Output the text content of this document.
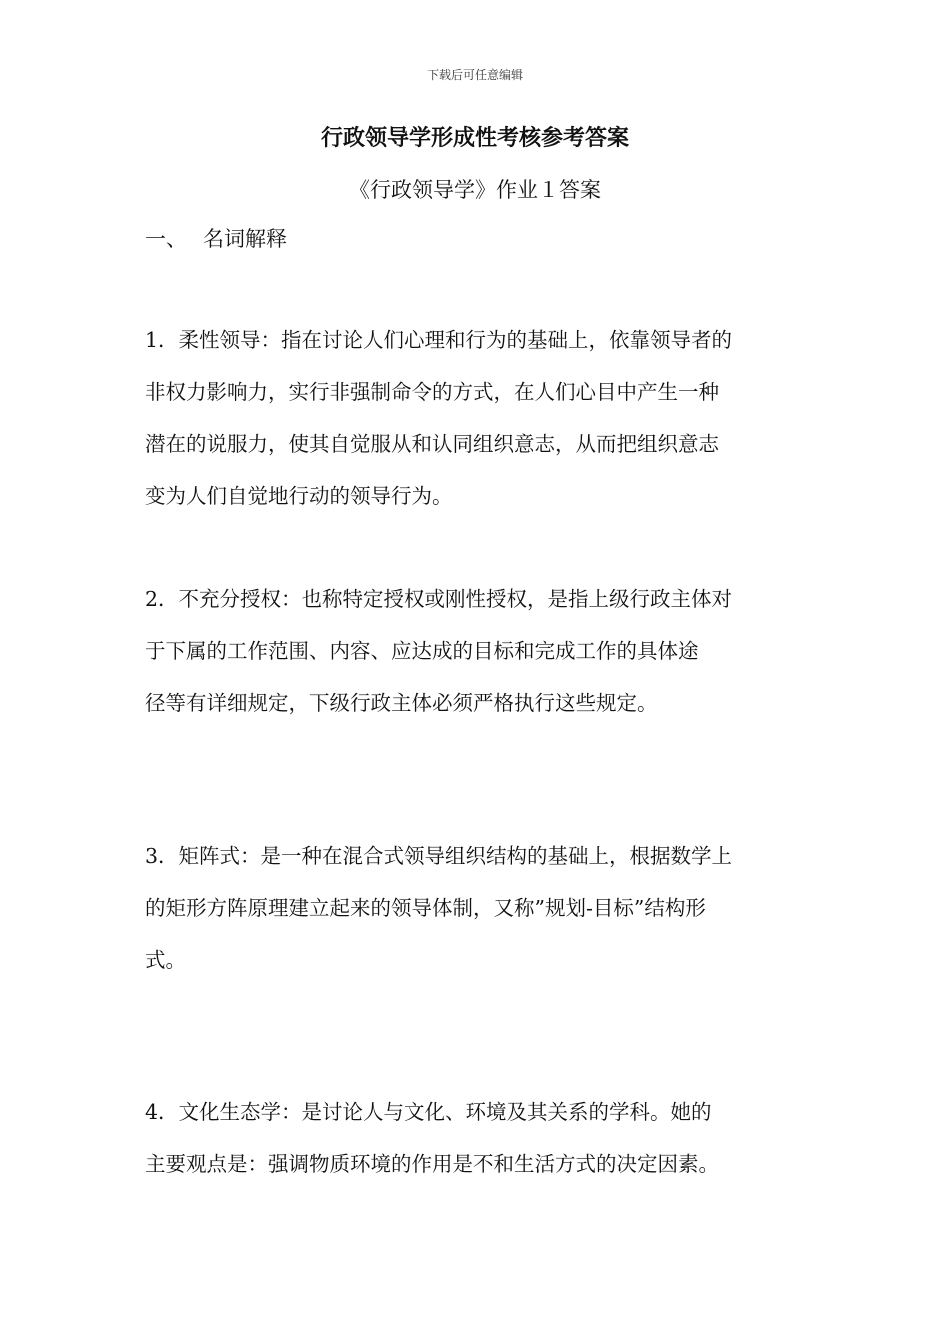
下载后可任意编辑
行政领导学形成性考核参考答案
《行政领导学》作业１答案
一、 名词解释
1．柔性领导：指在讨论人们心理和行为的基础上，依靠领导者的
非权力影响力，实行非强制命令的方式，在人们心目中产生一种
潜在的说服力，使其自觉服从和认同组织意志，从而把组织意志
变为人们自觉地行动的领导行为。
2．不充分授权：也称特定授权或刚性授权，是指上级行政主体对
于下属的工作范围、内容、应达成的目标和完成工作的具体途
径等有详细规定，下级行政主体必须严格执行这些规定。
3．矩阵式：是一种在混合式领导组织结构的基础上，根据数学上
的矩形方阵原理建立起来的领导体制，又称”规划-目标”结构形
式。
4．文化生态学：是讨论人与文化、环境及其关系的学科。她的
主要观点是：强调物质环境的作用是不和生活方式的决定因素。
